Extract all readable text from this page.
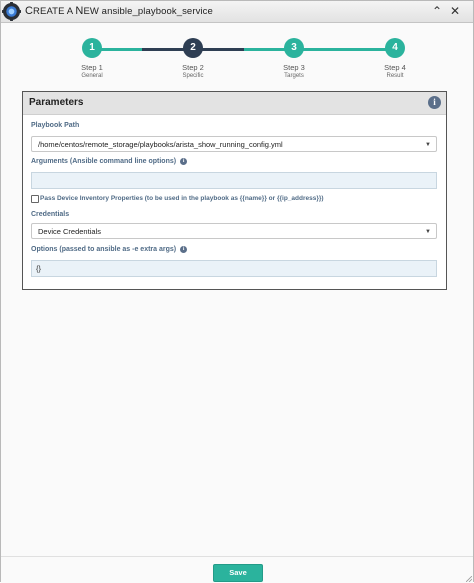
CREATE A NEW ansible_playbook_service	⌃ ✕
1	2	3	4
Step 1	Step 2	Step 3	Step 4
General	Specific	Targets	Result
Parameters	i
Playbook Path
/home/centos/remote_storage/playbooks/arista_show_running_config.yml	▼
Arguments (Ansible command line options) i
Pass Device Inventory Properties (to be used in the playbook as {{name}} or {{ip_address}})
Credentials
Device Credentials	▼
Options (passed to ansible as -e extra args) i
{}
Save
